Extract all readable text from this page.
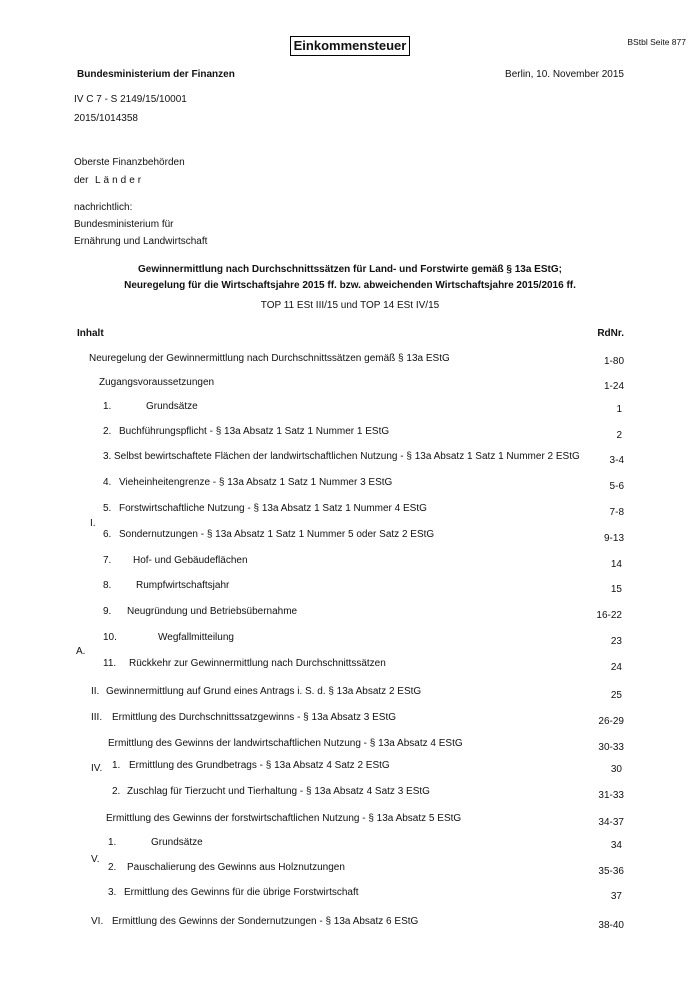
Einkommensteuer	BStbl Seite 877
Bundesministerium der Finanzen	Berlin, 10. November 2015
IV C 7 - S 2149/15/10001
2015/1014358
Oberste Finanzbehörden
der Länder
nachrichtlich:
Bundesministerium für
Ernährung und Landwirtschaft
Gewinnermittlung nach Durchschnittssätzen für Land- und Forstwirte gemäß § 13a EStG;
Neuregelung für die Wirtschaftsjahre 2015 ff. bzw. abweichenden Wirtschaftsjahre 2015/2016 ff.
TOP 11 ESt III/15 und TOP 14 ESt IV/15
Inhalt	RdNr.
A.
I.
IV.
V.
Neuregelung der Gewinnermittlung nach Durchschnittssätzen gemäß § 13a EStG	1-80
Zugangsvoraussetzungen	1-24
1.	Grundsätze	1
2. Buchführungspflicht - § 13a Absatz 1 Satz 1 Nummer 1 EStG	2
3. Selbst bewirtschaftete Flächen der landwirtschaftlichen Nutzung - § 13a Absatz 1 Satz 1 Nummer 2 EStG	3-4
4. Vieheinheitengrenze - § 13a Absatz 1 Satz 1 Nummer 3 EStG	5-6
5. Forstwirtschaftliche Nutzung - § 13a Absatz 1 Satz 1 Nummer 4 EStG	7-8
6. Sondernutzungen - § 13a Absatz 1 Satz 1 Nummer 5 oder Satz 2 EStG	9-13
7. Hof- und Gebäudeflächen	14
8. Rumpfwirtschaftsjahr	15
9. Neugründung und Betriebsübernahme	16-22
10.	Wegfallmitteilung	23
11. Rückkehr zur Gewinnermittlung nach Durchschnittssätzen	24
II. Gewinnermittlung auf Grund eines Antrags i. S. d. § 13a Absatz 2 EStG	25
III. Ermittlung des Durchschnittssatzgewinns - § 13a Absatz 3 EStG	26-29
Ermittlung des Gewinns der landwirtschaftlichen Nutzung - § 13a Absatz 4 EStG	30-33
1. Ermittlung des Grundbetrags - § 13a Absatz 4 Satz 2 EStG	30
2. Zuschlag für Tierzucht und Tierhaltung - § 13a Absatz 4 Satz 3 EStG	31-33
Ermittlung des Gewinns der forstwirtschaftlichen Nutzung - § 13a Absatz 5 EStG	34-37
1.	Grundsätze	34
2. Pauschalierung des Gewinns aus Holznutzungen	35-36
3. Ermittlung des Gewinns für die übrige Forstwirtschaft	37
VI. Ermittlung des Gewinns der Sondernutzungen - § 13a Absatz 6 EStG	38-40
